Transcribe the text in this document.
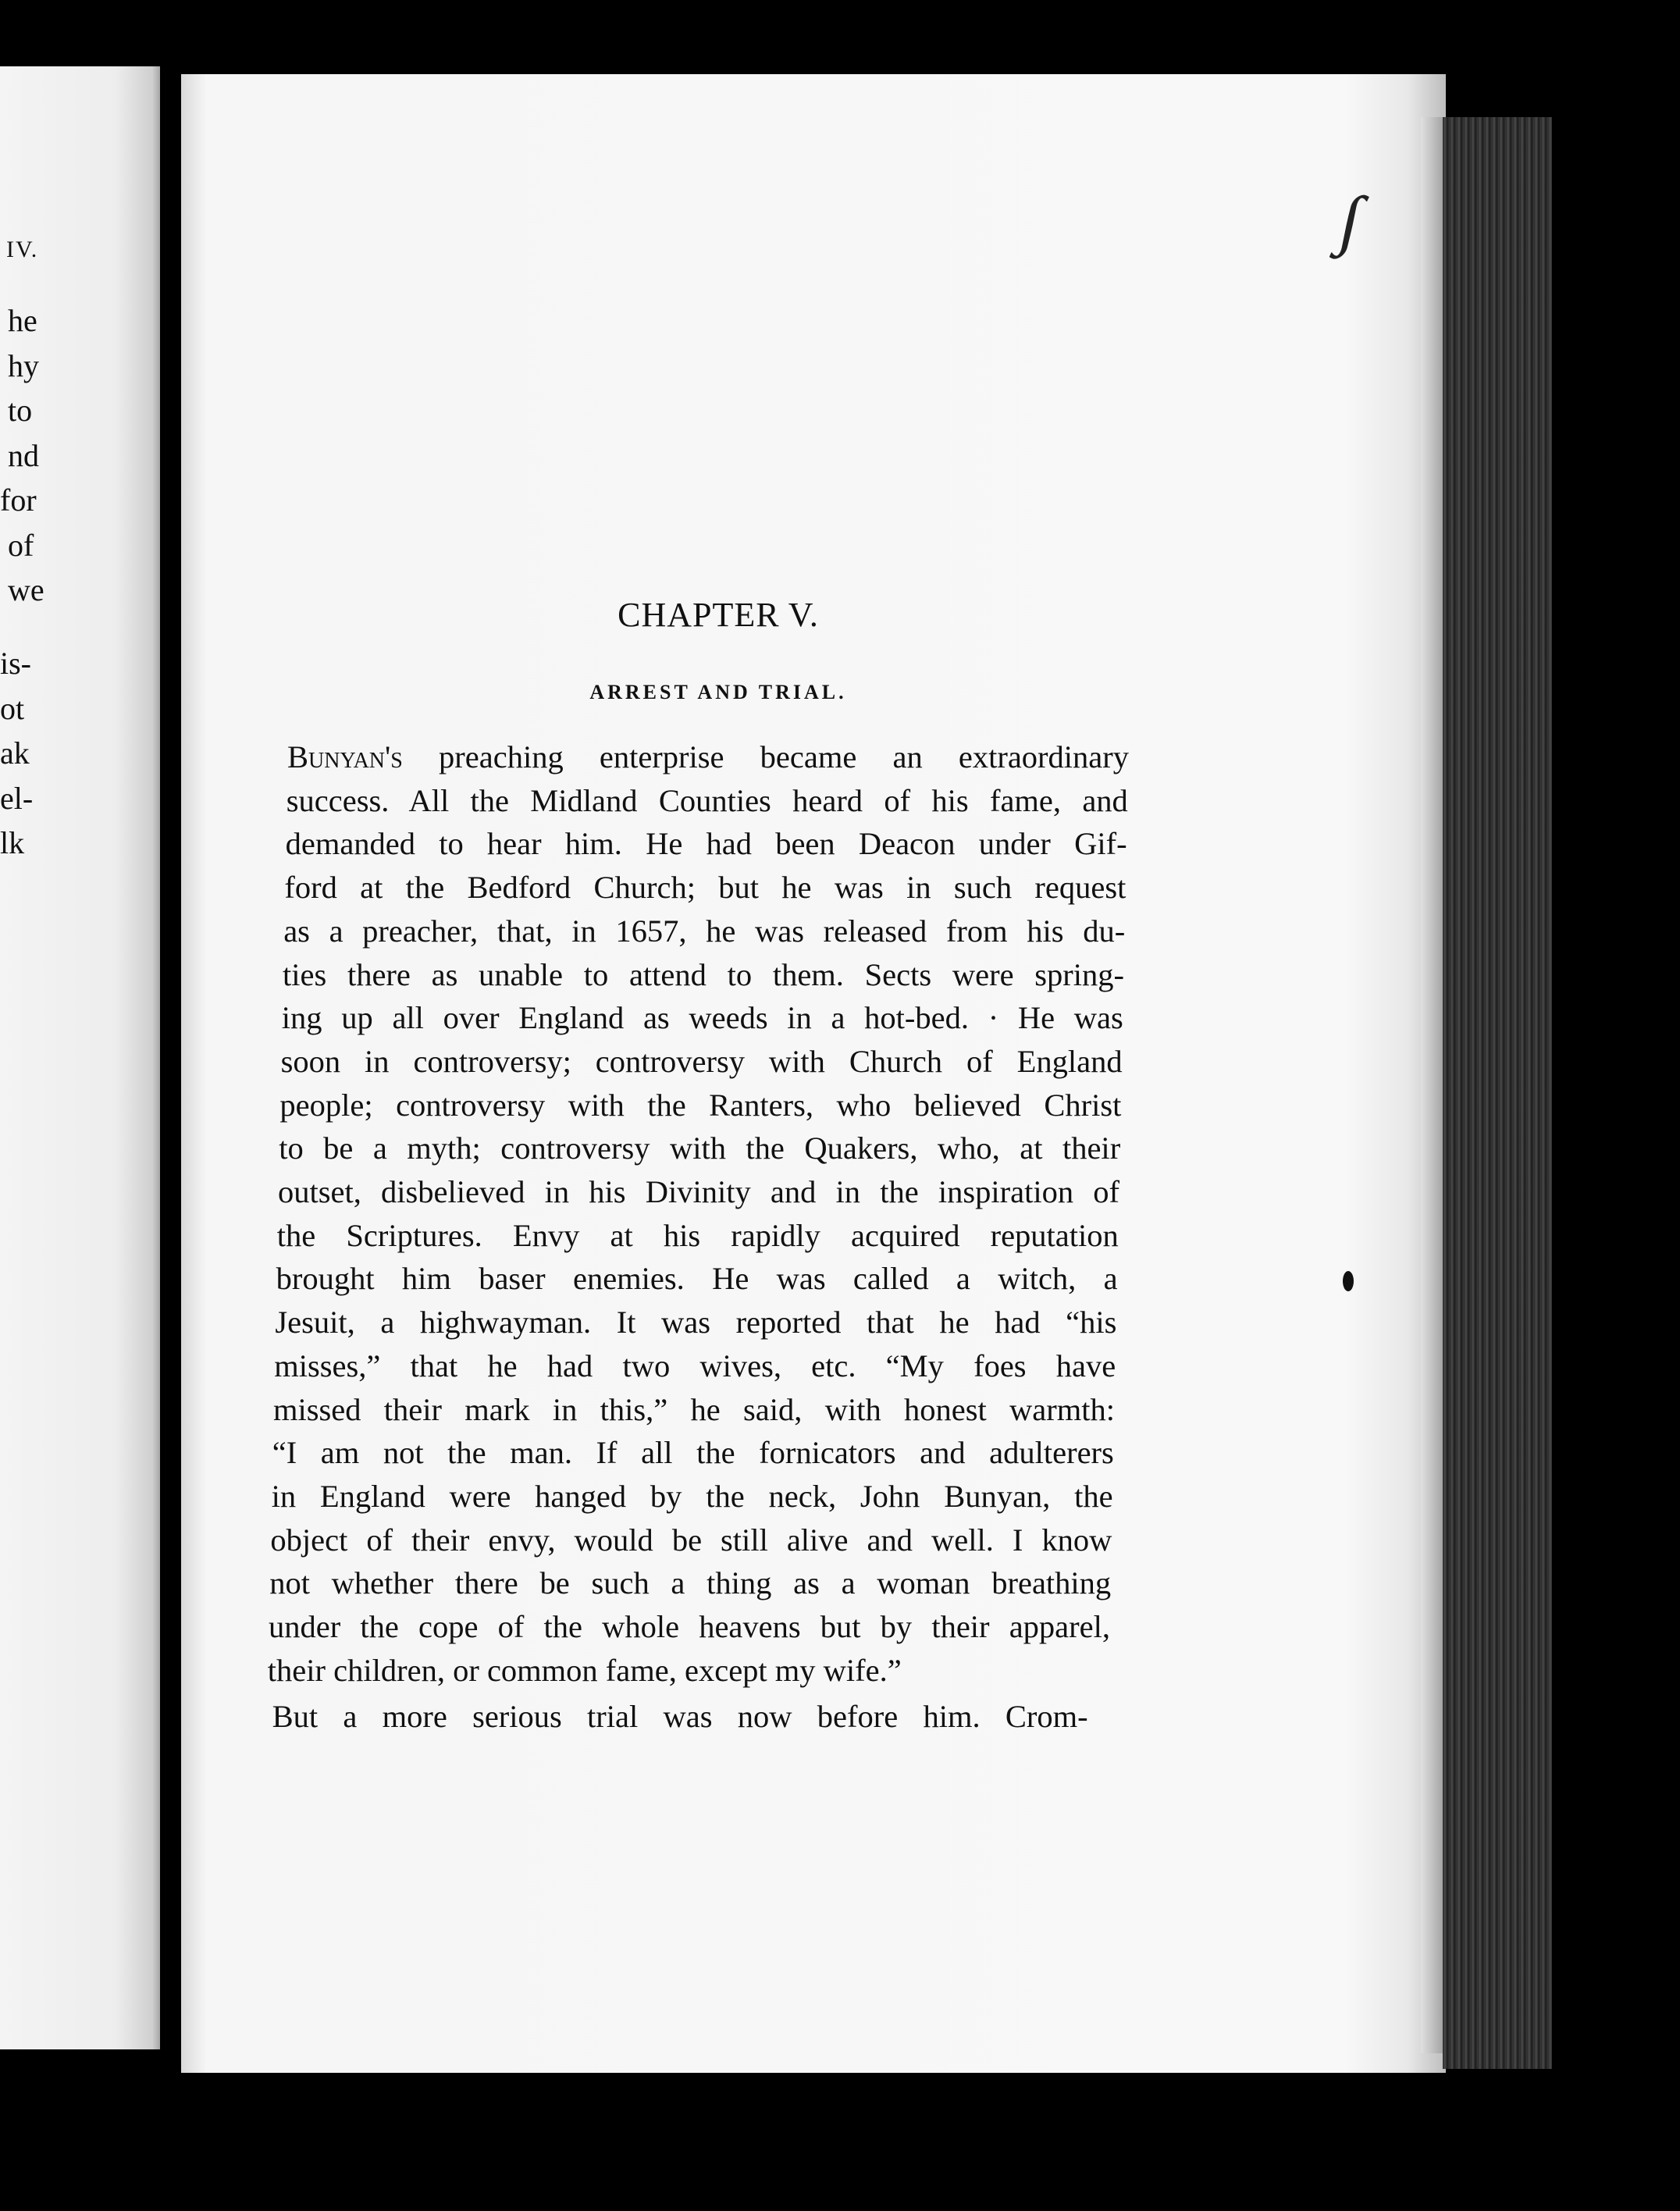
IV.
he
hy
to
nd
for
of
we
is-
ot
ak
el-
lk
∫
CHAPTER V.
ARREST AND TRIAL.
Bunyan's preaching enterprise became an extraordinary
success. All the Midland Counties heard of his fame, and
demanded to hear him. He had been Deacon under Gif-
ford at the Bedford Church; but he was in such request
as a preacher, that, in 1657, he was released from his du-
ties there as unable to attend to them. Sects were spring-
ing up all over England as weeds in a hot-bed. · He was
soon in controversy; controversy with Church of England
people; controversy with the Ranters, who believed Christ
to be a myth; controversy with the Quakers, who, at their
outset, disbelieved in his Divinity and in the inspiration of
the Scriptures. Envy at his rapidly acquired reputation
brought him baser enemies. He was called a witch, a
Jesuit, a highwayman. It was reported that he had “his
misses,” that he had two wives, etc. “My foes have
missed their mark in this,” he said, with honest warmth:
“I am not the man. If all the fornicators and adulterers
in England were hanged by the neck, John Bunyan, the
object of their envy, would be still alive and well. I know
not whether there be such a thing as a woman breathing
under the cope of the whole heavens but by their apparel,
their children, or common fame, except my wife.”
But a more serious trial was now before him. Crom-
